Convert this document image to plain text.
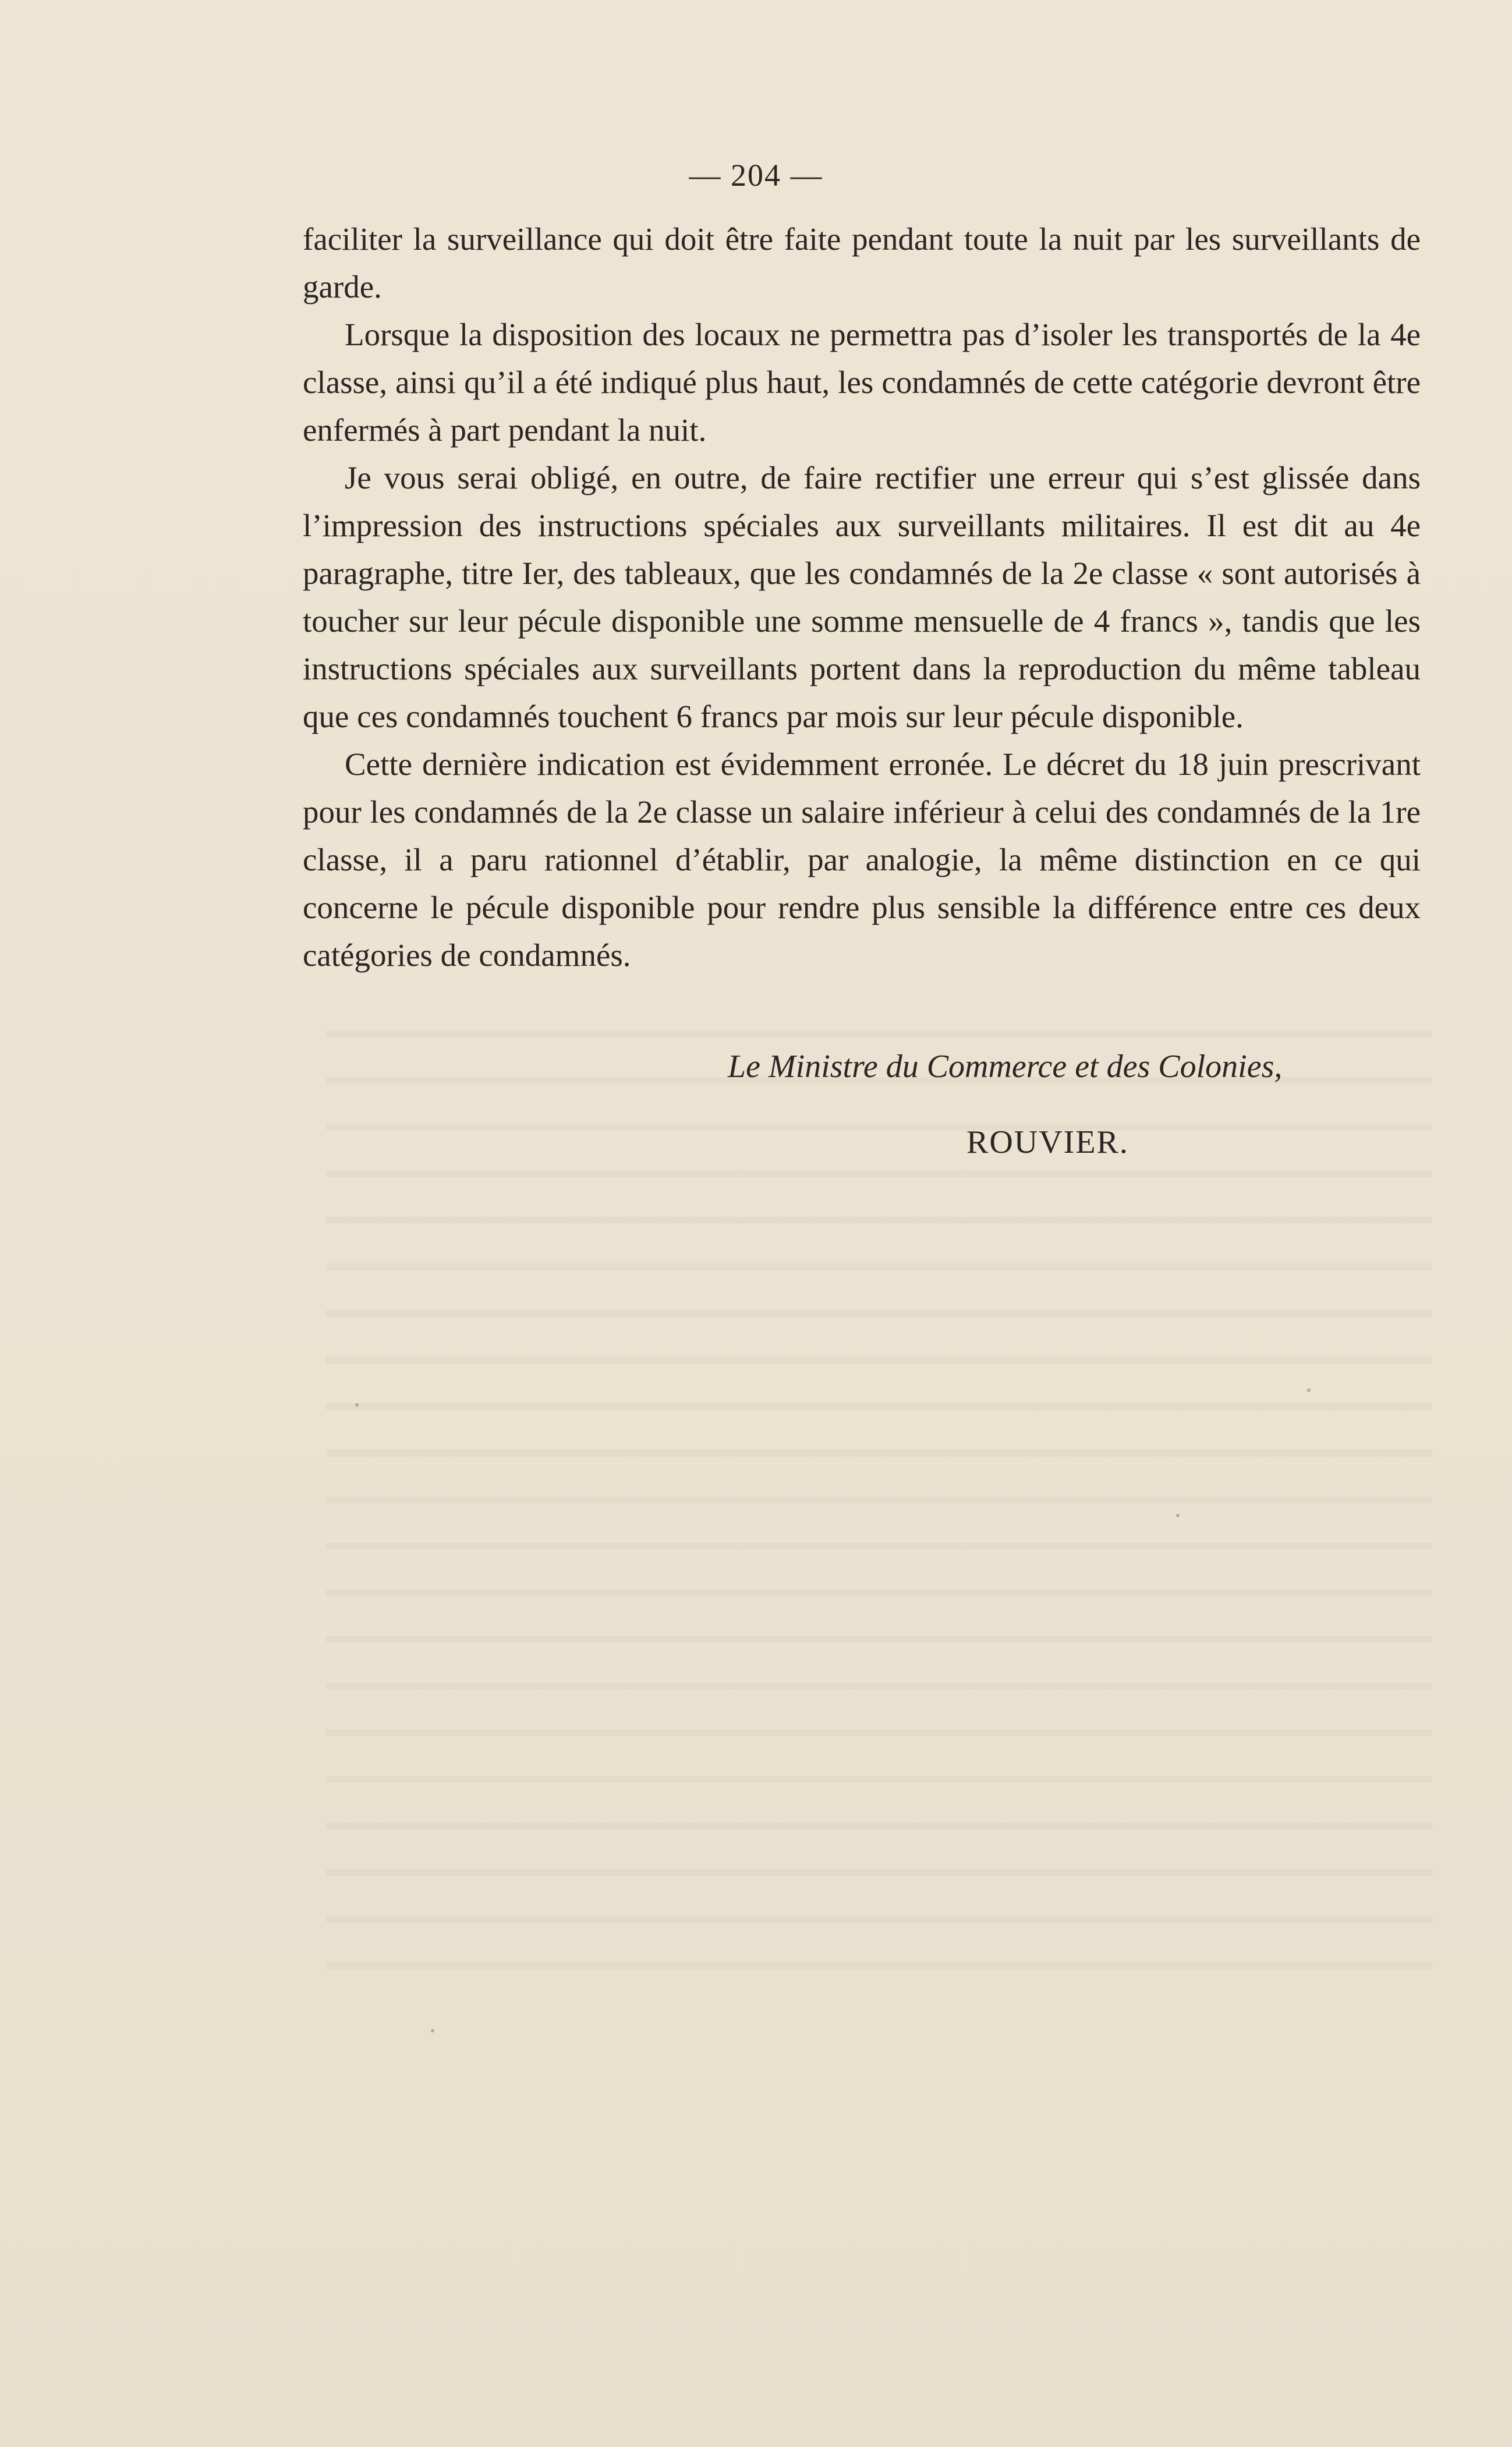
— 204 —

faciliter la surveillance qui doit être faite pendant toute la nuit par les surveillants de garde.

Lorsque la disposition des locaux ne permettra pas d’isoler les transportés de la 4e classe, ainsi qu’il a été indiqué plus haut, les condamnés de cette catégorie devront être enfermés à part pendant la nuit.

Je vous serai obligé, en outre, de faire rectifier une erreur qui s’est glissée dans l’impression des instructions spéciales aux surveillants militaires. Il est dit au 4e paragraphe, titre Ier, des tableaux, que les condamnés de la 2e classe « sont autorisés à toucher sur leur pécule disponible une somme mensuelle de 4 francs », tandis que les instructions spéciales aux surveillants portent dans la reproduction du même tableau que ces condamnés touchent 6 francs par mois sur leur pécule disponible.

Cette dernière indication est évidemment erronée. Le décret du 18 juin prescrivant pour les condamnés de la 2e classe un salaire inférieur à celui des condamnés de la 1re classe, il a paru rationnel d’établir, par analogie, la même distinction en ce qui concerne le pécule disponible pour rendre plus sensible la différence entre ces deux catégories de condamnés.

Le Ministre du Commerce et des Colonies,
ROUVIER.
